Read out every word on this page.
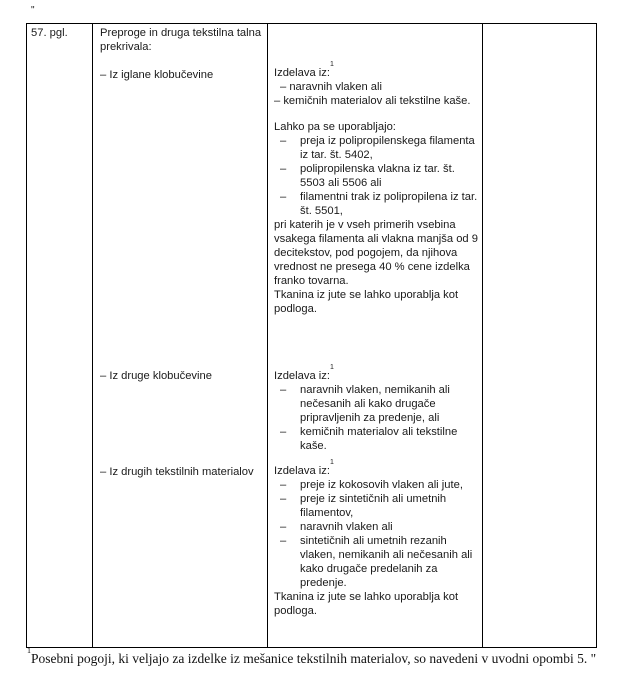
"
57. pgl.	Preproge in druga tekstilna talna prekrivala:
– Iz iglane klobučevine	Izdelava iz:$^1$
– naravnih vlaken ali
– kemičnih materialov ali tekstilne kaše.
Lahko pa se uporabljajo:
– preja iz polipropilenskega filamenta iz tar. št. 5402,
– polipropilenska vlakna iz tar. št. 5503 ali 5506 ali
– filamentni trak iz polipropilena iz tar. št. 5501,
pri katerih je v vseh primerih vsebina vsakega filamenta ali vlakna manjša od 9 decitekstov, pod pogojem, da njihova vrednost ne presega 40 % cene izdelka franko tovarna.
Tkanina iz jute se lahko uporablja kot podloga.
– Iz druge klobučevine	Izdelava iz:$^1$
– naravnih vlaken, nemikanih ali nečesanih ali kako drugače pripravljenih za predenje, ali
– kemičnih materialov ali tekstilne kaše.
– Iz drugih tekstilnih materialov	Izdelava iz:$^1$
– preje iz kokosovih vlaken ali jute,
– preje iz sintetičnih ali umetnih filamentov,
– naravnih vlaken ali
– sintetičnih ali umetnih rezanih vlaken, nemikanih ali nečesanih ali kako drugače predelanih za predenje.
Tkanina iz jute se lahko uporablja kot podloga.
$^1$Posebni pogoji, ki veljajo za izdelke iz mešanice tekstilnih materialov, so navedeni v uvodni opombi 5. "
